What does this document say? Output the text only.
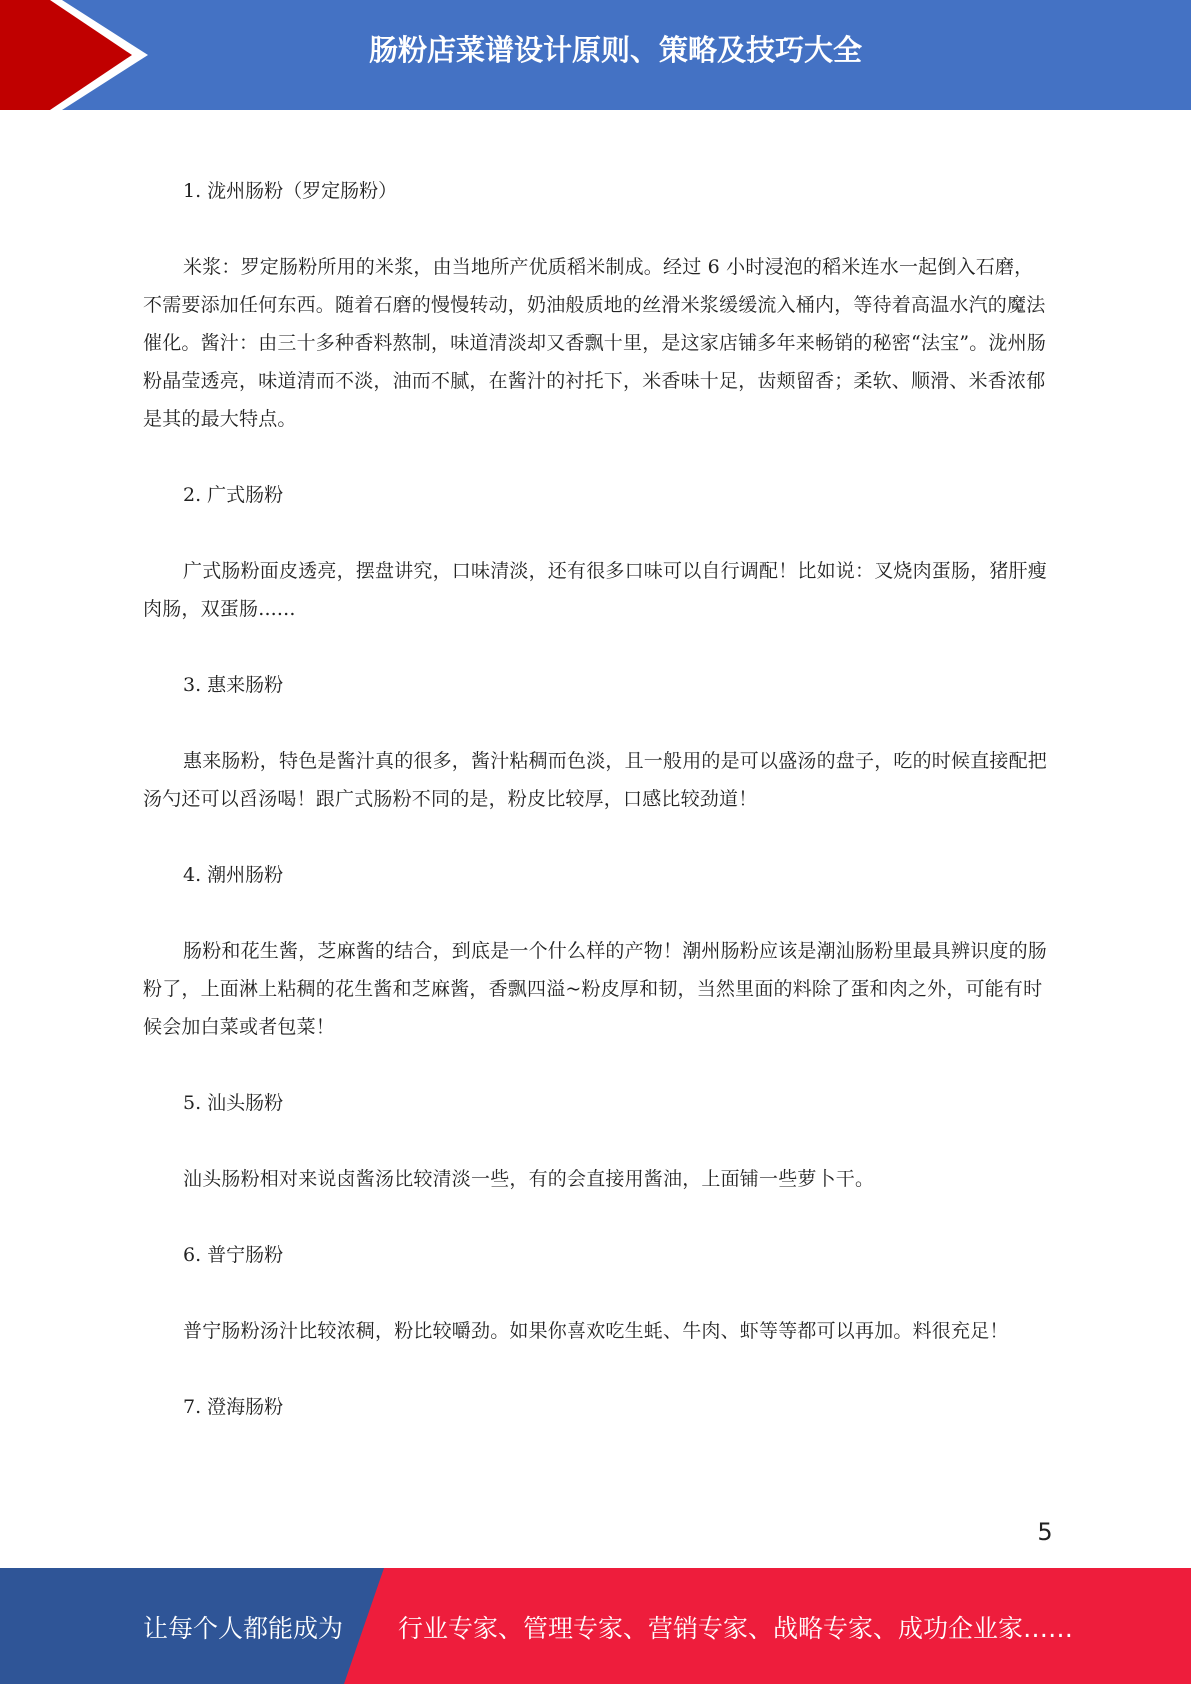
肠粉店菜谱设计原则、策略及技巧大全
1. 泷州肠粉（罗定肠粉）

米浆：罗定肠粉所用的米浆，由当地所产优质稻米制成。经过 6 小时浸泡的稻米连水一起倒入石磨，不需要添加任何东西。随着石磨的慢慢转动，奶油般质地的丝滑米浆缓缓流入桶内，等待着高温水汽的魔法催化。酱汁：由三十多种香料熬制，味道清淡却又香飘十里，是这家店铺多年来畅销的秘密“法宝”。泷州肠粉晶莹透亮，味道清而不淡，油而不腻，在酱汁的衬托下，米香味十足，齿颊留香；柔软、顺滑、米香浓郁是其的最大特点。

2. 广式肠粉

广式肠粉面皮透亮，摆盘讲究，口味清淡，还有很多口味可以自行调配！比如说：叉烧肉蛋肠，猪肝瘦肉肠，双蛋肠......

3. 惠来肠粉

惠来肠粉，特色是酱汁真的很多，酱汁粘稠而色淡，且一般用的是可以盛汤的盘子，吃的时候直接配把汤勺还可以舀汤喝！跟广式肠粉不同的是，粉皮比较厚，口感比较劲道！

4. 潮州肠粉

肠粉和花生酱，芝麻酱的结合，到底是一个什么样的产物！潮州肠粉应该是潮汕肠粉里最具辨识度的肠粉了，上面淋上粘稠的花生酱和芝麻酱，香飘四溢~粉皮厚和韧，当然里面的料除了蛋和肉之外，可能有时候会加白菜或者包菜！

5. 汕头肠粉

汕头肠粉相对来说卤酱汤比较清淡一些，有的会直接用酱油，上面铺一些萝卜干。

6. 普宁肠粉

普宁肠粉汤汁比较浓稠，粉比较嚼劲。如果你喜欢吃生蚝、牛肉、虾等等都可以再加。料很充足！

7. 澄海肠粉
5
让每个人都能成为 行业专家、管理专家、营销专家、战略专家、成功企业家……
